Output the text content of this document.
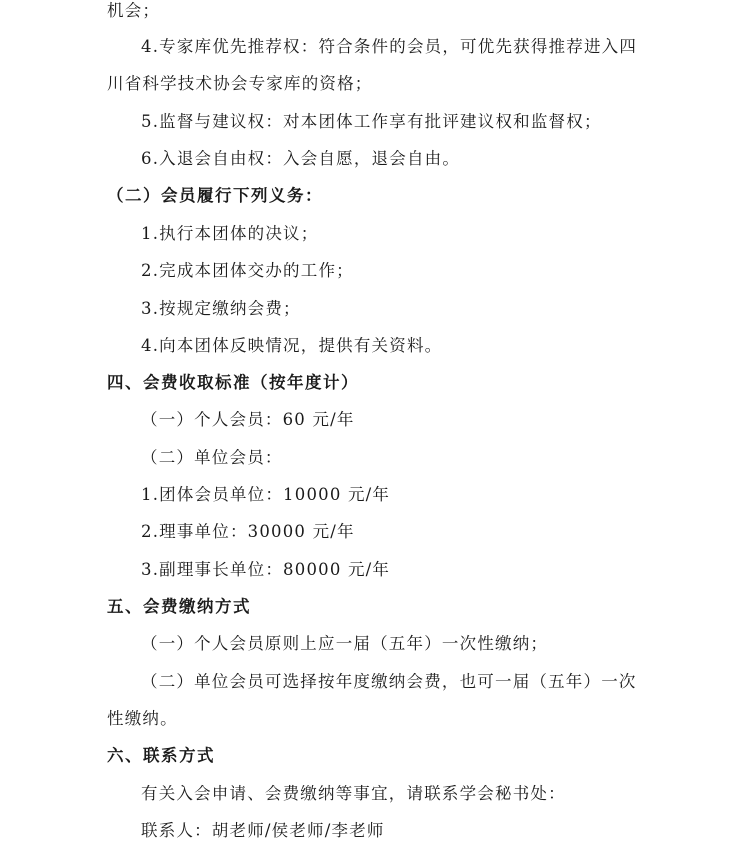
机会；

4.专家库优先推荐权：符合条件的会员，可优先获得推荐进入四

川省科学技术协会专家库的资格；

5.监督与建议权：对本团体工作享有批评建议权和监督权；

6.入退会自由权：入会自愿，退会自由。

（二）会员履行下列义务：

1.执行本团体的决议；

2.完成本团体交办的工作；

3.按规定缴纳会费；

4.向本团体反映情况，提供有关资料。

四、会费收取标准（按年度计）

（一）个人会员：60 元/年

（二）单位会员：

1.团体会员单位：10000 元/年

2.理事单位：30000 元/年

3.副理事长单位：80000 元/年

五、会费缴纳方式

（一）个人会员原则上应一届（五年）一次性缴纳；

（二）单位会员可选择按年度缴纳会费，也可一届（五年）一次

性缴纳。

六、联系方式

有关入会申请、会费缴纳等事宜，请联系学会秘书处：

联系人：胡老师/侯老师/李老师
